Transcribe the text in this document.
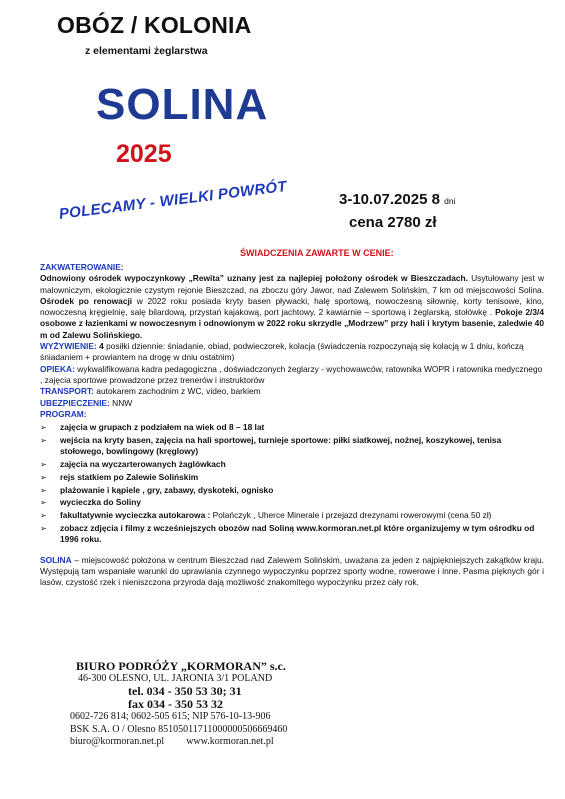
OBÓZ / KOLONIA
z elementami żeglarstwa
SOLINA
2025
3-10.07.2025 8 dni
cena 2780 zł
POLECAMY - WIELKI POWRÓT
ŚWIADCZENIA ZAWARTE W CENIE:

ZAKWATEROWANIE:

Odnowiony ośrodek wypoczynkowy „Rewita” uznany jest za najlepiej położony ośrodek w Bieszczadach. Usytułowany jest w malowniczym, ekologicznie czystym rejonie Bieszczad, na zboczu góry Jawor, nad Zalewem Solińskim, 7 km od miejscowości Solina. Ośrodek po renowacji w 2022 roku posiada kryty basen pływacki, halę sportową, nowoczesną siłownię, korty tenisowe, kino, nowoczesną kręgielnię, salę bilardową, przystań kajakową, port jachtowy, 2 kawiarnie – sportową i żeglarską, stołówkę . Pokoje 2/3/4 osobowe z łazienkami w nowoczesnym i odnowionym w 2022 roku skrzydle „Modrzew” przy hali i krytym basenie, zaledwie 40 m od Zalewu Solińskiego.

WYŻYWIENIE: 4 posiłki dziennie: śniadanie, obiad, podwieczorek, kolacja (świadczenia rozpoczynają się kolacją w 1 dniu, kończą śniadaniem + prowiantem na drogę w dniu ostatnim)

OPIEKA: wykwalifikowana kadra pedagogiczna , doświadczonych żeglarzy - wychowawców, ratownika WOPR i ratownika medycznego , zajęcia sportowe prowadzone przez trenerów i instruktorów

TRANSPORT: autokarem zachodnim z WC, video, barkiem

UBEZPIECZENIE: NNW

PROGRAM:

➢ zajęcia w grupach z podziałem na wiek od 8 – 18 lat
➢ wejścia na kryty basen, zajęcia na hali sportowej, turnieje sportowe: piłki siatkowej, nożnej, koszykowej, tenisa stołowego, bowlingowy (kręglowy)
➢ zajęcia na wyczarterowanych żaglówkach
➢ rejs statkiem po Zalewie Solińskim
➢ plażowanie i kąpiele , gry, zabawy, dyskoteki, ognisko
➢ wycieczka do Soliny
➢ fakultatywnie wycieczka autokarowa : Polańczyk , Uherce Minerale i przejazd drezynami rowerowymi (cena 50 zł)
➢ zobacz zdjęcia i filmy z wcześniejszych obozów nad Soliną www.kormoran.net.pl które organizujemy w tym ośrodku od 1996 roku.

SOLINA – miejscowość położona w centrum Bieszczad nad Zalewem Solińskim, uważana za jeden z najpiękniejszych zakątków kraju. Występują tam wspaniałe warunki do uprawiania czynnego wypoczynku poprzez sporty wodne, rowerowe i inne. Pasma pięknych gór i lasów, czystość rzek i nieniszczona przyroda dają możliwość znakomitego wypoczynku przez cały rok.

BIURO PODRÓŻY „KORMORAN” s.c.
46-300 OLESNO, UL. JARONIA 3/1 POLAND
tel. 034 - 350 53 30; 31
fax 034 - 350 53 32
0602-726 814; 0602-505 615; NIP 576-10-13-906
BSK S.A. O / Olesno 85105011711000000506669460
biuro@kormoran.net.pl www.kormoran.net.pl
